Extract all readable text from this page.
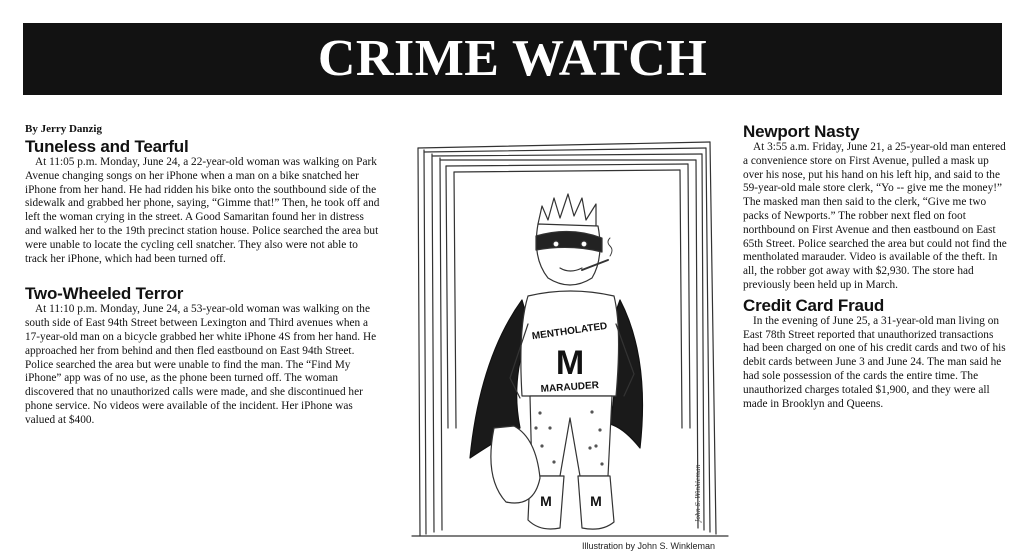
CRIME WATCH
By Jerry Danzig
Tuneless and Tearful

At 11:05 p.m. Monday, June 24, a 22-year-old woman was walking on Park Avenue changing songs on her iPhone when a man on a bike snatched her iPhone from her hand. He had ridden his bike onto the southbound side of the sidewalk and grabbed her phone, saying, “Gimme that!” Then, he took off and left the woman crying in the street. A Good Samaritan found her in distress and walked her to the 19th precinct station house. Police searched the area but were unable to locate the cycling cell snatcher. They also were not able to track her iPhone, which had been turned off.

Two-Wheeled Terror

At 11:10 p.m. Monday, June 24, a 53-year-old woman was walking on the south side of East 94th Street between Lexington and Third avenues when a 17-year-old man on a bicycle grabbed her white iPhone 4S from her hand. He approached her from behind and then fled eastbound on East 94th Street. Police searched the area but were unable to find the man. The “Find My iPhone” app was of no use, as the phone been turned off. The woman discovered that no unauthorized calls were made, and she discontinued her phone service. No videos were available of the incident. Her iPhone was valued at $400.

Newport Nasty

At 3:55 a.m. Friday, June 21, a 25-year-old man entered a convenience store on First Avenue, pulled a mask up over his nose, put his hand on his left hip, and said to the 59-year-old male store clerk, “Yo -- give me the money!” The masked man then said to the clerk, “Give me two packs of Newports.” The robber next fled on foot northbound on First Avenue and then eastbound on East 65th Street. Police searched the area but could not find the mentholated marauder. Video is available of the theft. In all, the robber got away with $2,930. The store had previously been held up in March.

Credit Card Fraud

In the evening of June 25, a 31-year-old man living on East 78th Street reported that unauthorized transactions had been charged on one of his credit cards and two of his debit cards between June 3 and June 24. The man said he had sole possession of the cards the entire time. The unauthorized charges totaled $1,900, and they were all made in Brooklyn and Queens.

MENTHOLATED
M
MARAUDER
M	M	John S. Winkleman
Illustration by John S. Winkleman
